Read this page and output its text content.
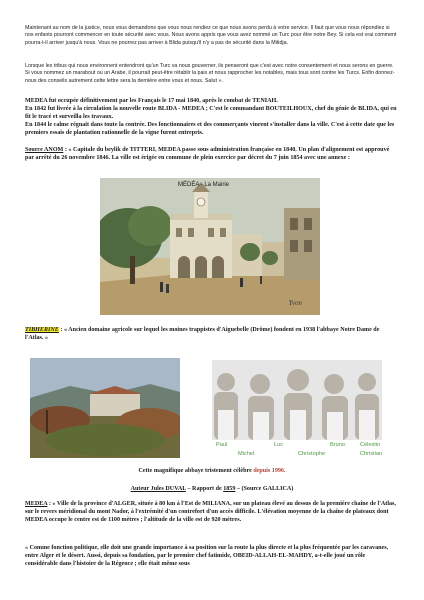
Maintenant au nom de la justice, nous vous demandons que vous nous rendiez ce que nous avons perdu à votre service. Il faut que vous nous répondiez si nos enfants pourront commencer en toute sécurité avec vous. Nous avons appris que vous avez nommé un Turc pour être notre Bey. Si cela est vrai comment pourra-t-il arriver jusqu'à nous. Vous ne pourrez pas arriver à Blida puisqu'il n'y a pas de sécurité dans la Mitidja.

Lorsque les tribus qui nous environnent entendront qu'un Turc va nous gouverner, ils penseront que c'est avec notre consentement et nous serons en guerre. Si vous nommez un marabout ou un Arabe, il pourrait peut-être rétablir la paix et nous rapprocher les notables, mais tous sont contre les Turcs. Enfin donnez-nous des conseils autrement cette lettre sera la dernière entre vous et nous. Salut ».

MEDEA fut occupée définitivement par les Français le 17 mai 1840, après le combat de TENIAH.

En 1842 fut livrée à la circulation la nouvelle route BLIDA - MEDEA ; C'est le commandant BOUTEILHOUX, chef du génie de BLIDA, qui en fit le tracé et surveilla les travaux.

En 1844 le calme régnait dans toute la contrée. Des fonctionnaires et des commerçants vinrent s'installer dans la ville. C'est à cette date que les premiers essais de plantation rationnelle de la vigne furent entrepris.

Source ANOM : « Capitale du beylik de TITTERI, MEDEA passe sous administration française en 1840. Un plan d'alignement est approuvé par arrêté du 26 novembre 1846. La ville est érigée en commune de plein exercice par décret du 7 juin 1854 avec une annexe :

MÉDÉA - La Mairie
Yvon

TIBHERINE : « Ancien domaine agricole sur lequel les moines trappistes d'Aiguebelle (Drôme) fondent en 1938 l'abbaye Notre Dame de l'Atlas. »

Paul	Luc	Bruno	Célestin
Michel	Christophe	Christian
Cette magnifique abbaye tristement célèbre depuis 1996.
Auteur Jules DUVAL – Rapport de 1859 – (Source GALLICA)

MEDEA : « Ville de la province d'ALGER, située à 80 km à l'Est de MILIANA, sur un plateau élevé au dessus de la première chaîne de l'Atlas, sur le revers méridional du mont Nador, à l'extrémité d'un contrefort d'un accès difficile. L'élévation moyenne de la chaîne de plateaux dont MEDEA occupe le centre est de 1100 mètres ; l'altitude de la ville est de 920 mètres.

« Comme fonction politique, elle doit une grande importance à sa position sur la route la plus directe et la plus fréquentée par les caravanes, entre Alger et le désert. Aussi, depuis sa fondation, par le premier chef fatimide, OBEID-ALLAH-EL-MAHDY, a-t-elle joué un rôle considérable dans l'histoire de la Régence ; elle était même sous
